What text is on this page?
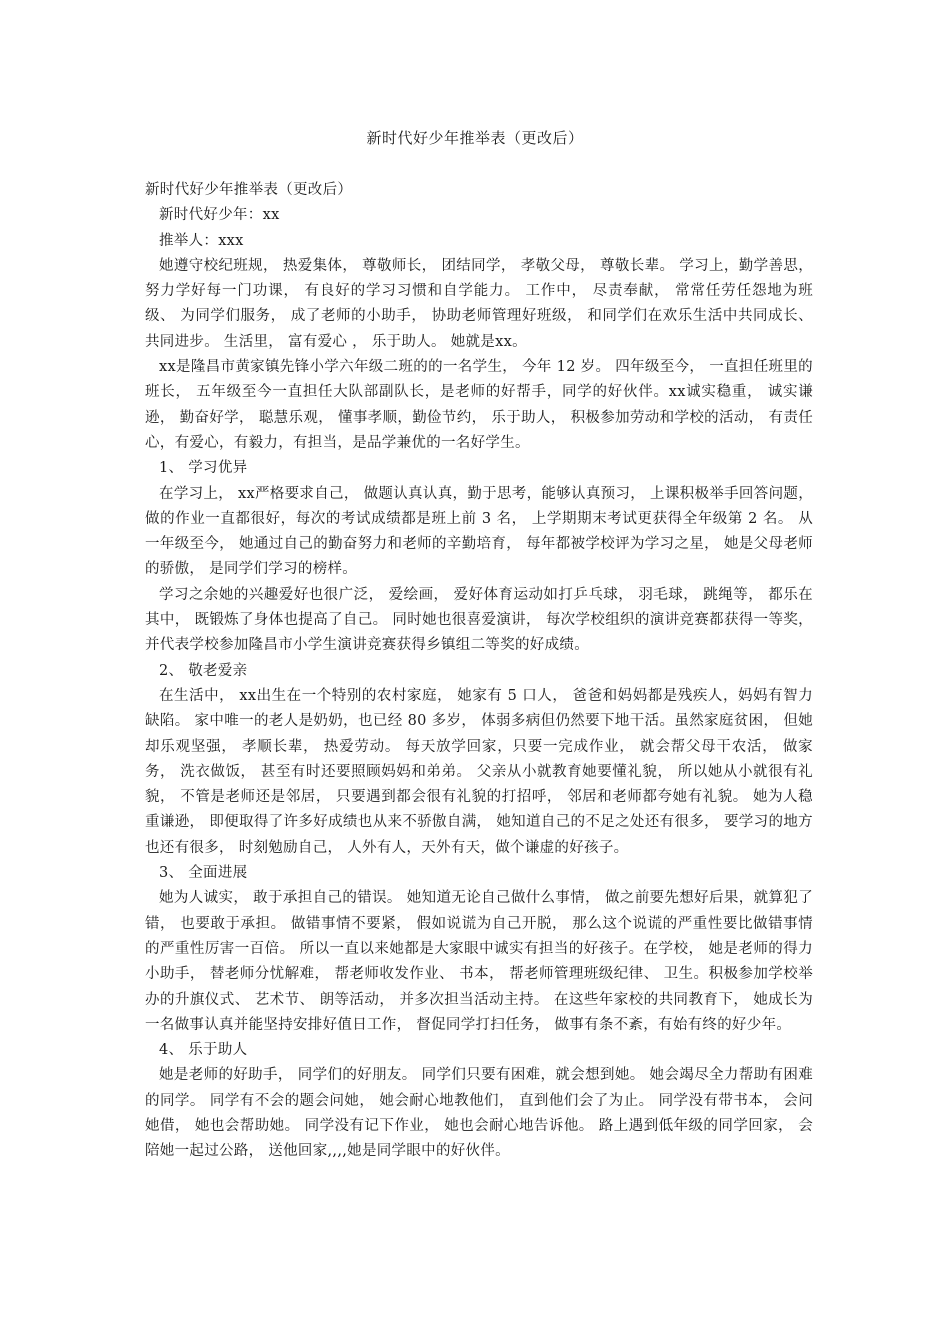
新时代好少年推举表（更改后）

新时代好少年推举表（更改后）

新时代好少年：xx

推举人：xxx

她遵守校纪班规， 热爱集体， 尊敬师长， 团结同学， 孝敬父母， 尊敬长辈。 学习上，勤学善思， 努力学好每一门功课， 有良好的学习习惯和自学能力。 工作中， 尽责奉献， 常常任劳任怨地为班级、 为同学们服务， 成了老师的小助手， 协助老师管理好班级， 和同学们在欢乐生活中共同成长、 共同进步。 生活里， 富有爱心 ， 乐于助人。 她就是xx。

xx是隆昌市黄家镇先锋小学六年级二班的的一名学生， 今年 12 岁。 四年级至今， 一直担任班里的班长， 五年级至今一直担任大队部副队长，是老师的好帮手，同学的好伙伴。xx诚实稳重， 诚实谦逊， 勤奋好学， 聪慧乐观， 懂事孝顺，勤俭节约， 乐于助人， 积极参加劳动和学校的活动， 有责任心，有爱心，有毅力，有担当，是品学兼优的一名好学生。

1、 学习优异

在学习上， xx严格要求自己， 做题认真认真，勤于思考，能够认真预习， 上课积极举手回答问题， 做的作业一直都很好，每次的考试成绩都是班上前 3 名， 上学期期末考试更获得全年级第 2 名。 从一年级至今， 她通过自己的勤奋努力和老师的辛勤培育， 每年都被学校评为学习之星， 她是父母老师的骄傲， 是同学们学习的榜样。

学习之余她的兴趣爱好也很广泛， 爱绘画， 爱好体育运动如打乒乓球， 羽毛球， 跳绳等， 都乐在其中， 既锻炼了身体也提高了自己。 同时她也很喜爱演讲， 每次学校组织的演讲竞赛都获得一等奖， 并代表学校参加隆昌市小学生演讲竞赛获得乡镇组二等奖的好成绩。

2、 敬老爱亲

在生活中， xx出生在一个特别的农村家庭， 她家有 5 口人， 爸爸和妈妈都是残疾人，妈妈有智力缺陷。 家中唯一的老人是奶奶，也已经 80 多岁， 体弱多病但仍然要下地干活。虽然家庭贫困， 但她却乐观坚强， 孝顺长辈， 热爱劳动。 每天放学回家，只要一完成作业， 就会帮父母干农活， 做家务， 洗衣做饭， 甚至有时还要照顾妈妈和弟弟。 父亲从小就教育她要懂礼貌， 所以她从小就很有礼貌， 不管是老师还是邻居， 只要遇到都会很有礼貌的打招呼， 邻居和老师都夸她有礼貌。 她为人稳重谦逊， 即便取得了许多好成绩也从来不骄傲自满， 她知道自己的不足之处还有很多， 要学习的地方也还有很多， 时刻勉励自己， 人外有人，天外有天，做个谦虚的好孩子。

3、 全面进展

她为人诚实， 敢于承担自己的错误。 她知道无论自己做什么事情， 做之前要先想好后果，就算犯了错， 也要敢于承担。 做错事情不要紧， 假如说谎为自己开脱， 那么这个说谎的严重性要比做错事情的严重性厉害一百倍。 所以一直以来她都是大家眼中诚实有担当的好孩子。在学校， 她是老师的得力小助手， 替老师分忧解难， 帮老师收发作业、 书本， 帮老师管理班级纪律、 卫生。积极参加学校举办的升旗仪式、 艺术节、 朗等活动， 并多次担当活动主持。 在这些年家校的共同教育下， 她成长为一名做事认真并能坚持安排好值日工作， 督促同学打扫任务， 做事有条不紊，有始有终的好少年。

4、 乐于助人

她是老师的好助手， 同学们的好朋友。 同学们只要有困难，就会想到她。 她会竭尽全力帮助有困难的同学。 同学有不会的题会问她， 她会耐心地教他们， 直到他们会了为止。 同学没有带书本， 会问她借， 她也会帮助她。 同学没有记下作业， 她也会耐心地告诉他。 路上遇到低年级的同学回家， 会陪她一起过公路， 送他回家,,,,她是同学眼中的好伙伴。
